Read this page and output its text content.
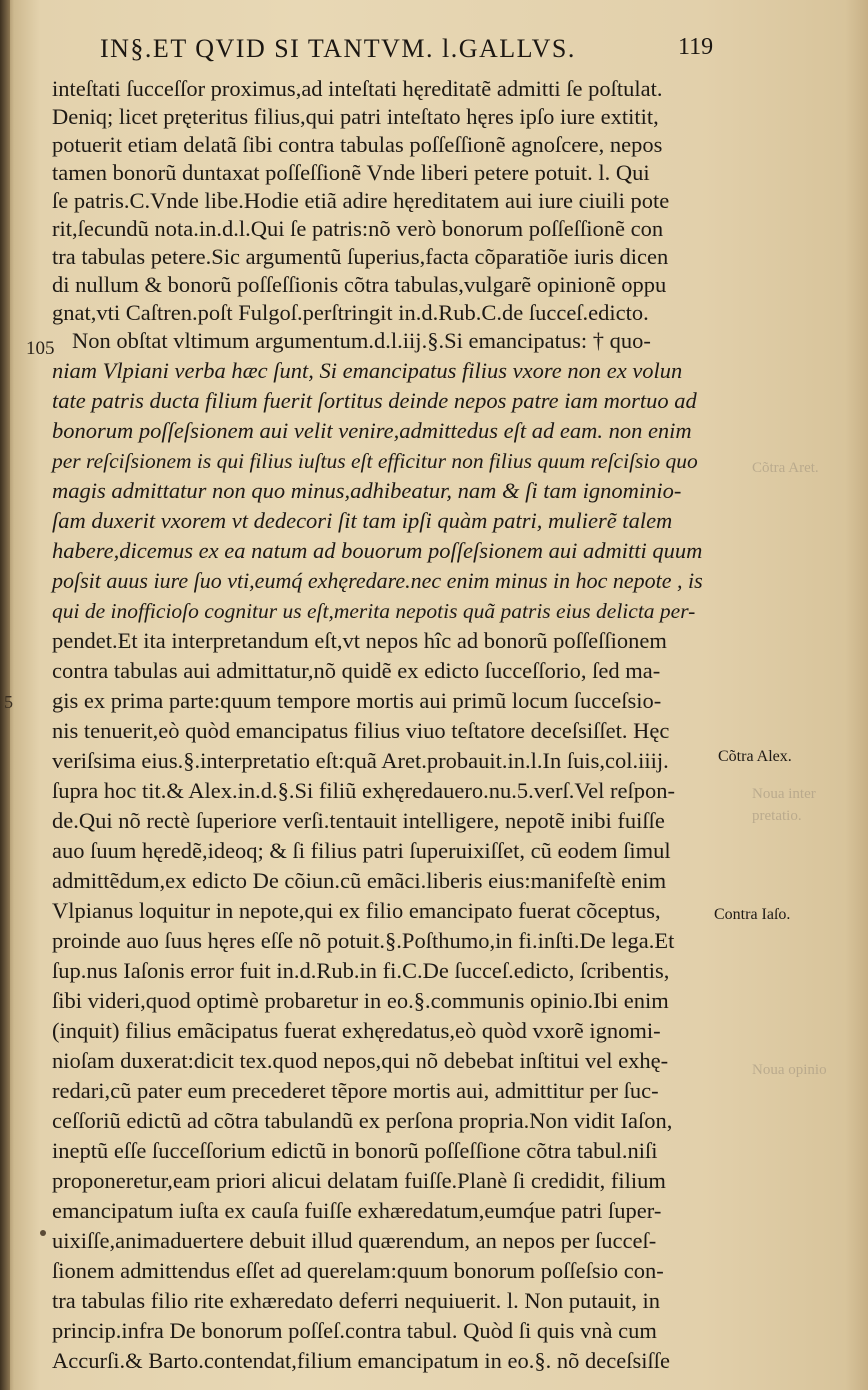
IN§.ET QVID SI TANTVM. l.GALLVS.	119
105
5
inteſtati ſucceſſor proximus,ad inteſtati hęreditatẽ admitti ſe poſtulat.
Deniq; licet pręteritus filius,qui patri inteſtato hęres ipſo iure extitit,
potuerit etiam delatã ſibi contra tabulas poſſeſſionẽ agnoſcere, nepos
tamen bonorũ duntaxat poſſeſſionẽ Vnde liberi petere potuit. l. Qui
ſe patris.C.Vnde libe.Hodie etiã adire hęreditatem aui iure ciuili pote
rit,ſecundũ nota.in.d.l.Qui ſe patris:nõ verò bonorum poſſeſſionẽ con
tra tabulas petere.Sic argumentũ ſuperius,facta cõparatiõe iuris dicen
di nullum & bonorũ poſſeſſionis cõtra tabulas,vulgarẽ opinionẽ oppu
gnat,vti Caſtren.poſt Fulgoſ.perſtringit in.d.Rub.C.de ſucceſ.edicto.
Non obſtat vltimum argumentum.d.l.iij.§.Si emancipatus: † quo-
niam Vlpiani verba hæc ſunt, Si emancipatus filius vxore non ex volun
tate patris ducta filium fuerit ſortitus deinde nepos patre iam mortuo ad
bonorum poſſeſsionem aui velit venire,admittedus eſt ad eam. non enim
per reſciſsionem is qui filius iuſtus eſt efficitur non filius quum reſciſsio quo
magis admittatur non quo minus,adhibeatur, nam & ſi tam ignominio-
ſam duxerit vxorem vt dedecori ſit tam ipſi quàm patri, mulierẽ talem
habere,dicemus ex ea natum ad bouorum poſſeſsionem aui admitti quum
poſsit auus iure ſuo vti,eumq́ exhęredare.nec enim minus in hoc nepote , is
qui de inofficioſo cognitur us eſt,merita nepotis quã patris eius delicta per-
pendet.Et ita interpretandum eſt,vt nepos hîc ad bonorũ poſſeſſionem
contra tabulas aui admittatur,nõ quidẽ ex edicto ſucceſſorio, ſed ma-
gis ex prima parte:quum tempore mortis aui primũ locum ſucceſsio-
nis tenuerit,eò quòd emancipatus filius viuo teſtatore deceſsiſſet. Hęc
veriſsima eius.§.interpretatio eſt:quã Aret.probauit.in.l.In ſuis,col.iiij.
ſupra hoc tit.& Alex.in.d.§.Si filiũ exhęredauero.nu.5.verſ.Vel reſpon-
de.Qui nõ rectè ſuperiore verſi.tentauit intelligere, nepotẽ inibi fuiſſe
auo ſuum hęredẽ,ideoq; & ſi filius patri ſuperuixiſſet, cũ eodem ſimul
admittẽdum,ex edicto De cõiun.cũ emãci.liberis eius:manifeſtè enim
Vlpianus loquitur in nepote,qui ex filio emancipato fuerat cõceptus,
proinde auo ſuus hęres eſſe nõ potuit.§.Poſthumo,in fi.inſti.De lega.Et
ſup.nus Iaſonis error fuit in.d.Rub.in fi.C.De ſucceſ.edicto, ſcribentis,
ſibi videri,quod optimè probaretur in eo.§.communis opinio.Ibi enim
(inquit) filius emãcipatus fuerat exhęredatus,eò quòd vxorẽ ignomi-
nioſam duxerat:dicit tex.quod nepos,qui nõ debebat inſtitui vel exhę-
redari,cũ pater eum precederet tẽpore mortis aui, admittitur per ſuc-
ceſſoriũ edictũ ad cõtra tabulandũ ex perſona propria.Non vidit Iaſon,
ineptũ eſſe ſucceſſorium edictũ in bonorũ poſſeſſione cõtra tabul.niſi
proponeretur,eam priori alicui delatam fuiſſe.Planè ſi credidit, filium
emancipatum iuſta ex cauſa fuiſſe exhæredatum,eumq́ue patri ſuper-
uixiſſe,animaduertere debuit illud quærendum, an nepos per ſucceſ-
ſionem admittendus eſſet ad querelam:quum bonorum poſſeſsio con-
tra tabulas filio rite exhæredato deferri nequiuerit. l. Non putauit, in
princip.infra De bonorum poſſeſ.contra tabul. Quòd ſi quis vnà cum
Accurſi.& Barto.contendat,filium emancipatum in eo.§. nõ deceſsiſſe
Cõtra Aret.
Cõtra Alex.
Noua inter
pretatio.
Contra Iaſo.
Noua opinio
